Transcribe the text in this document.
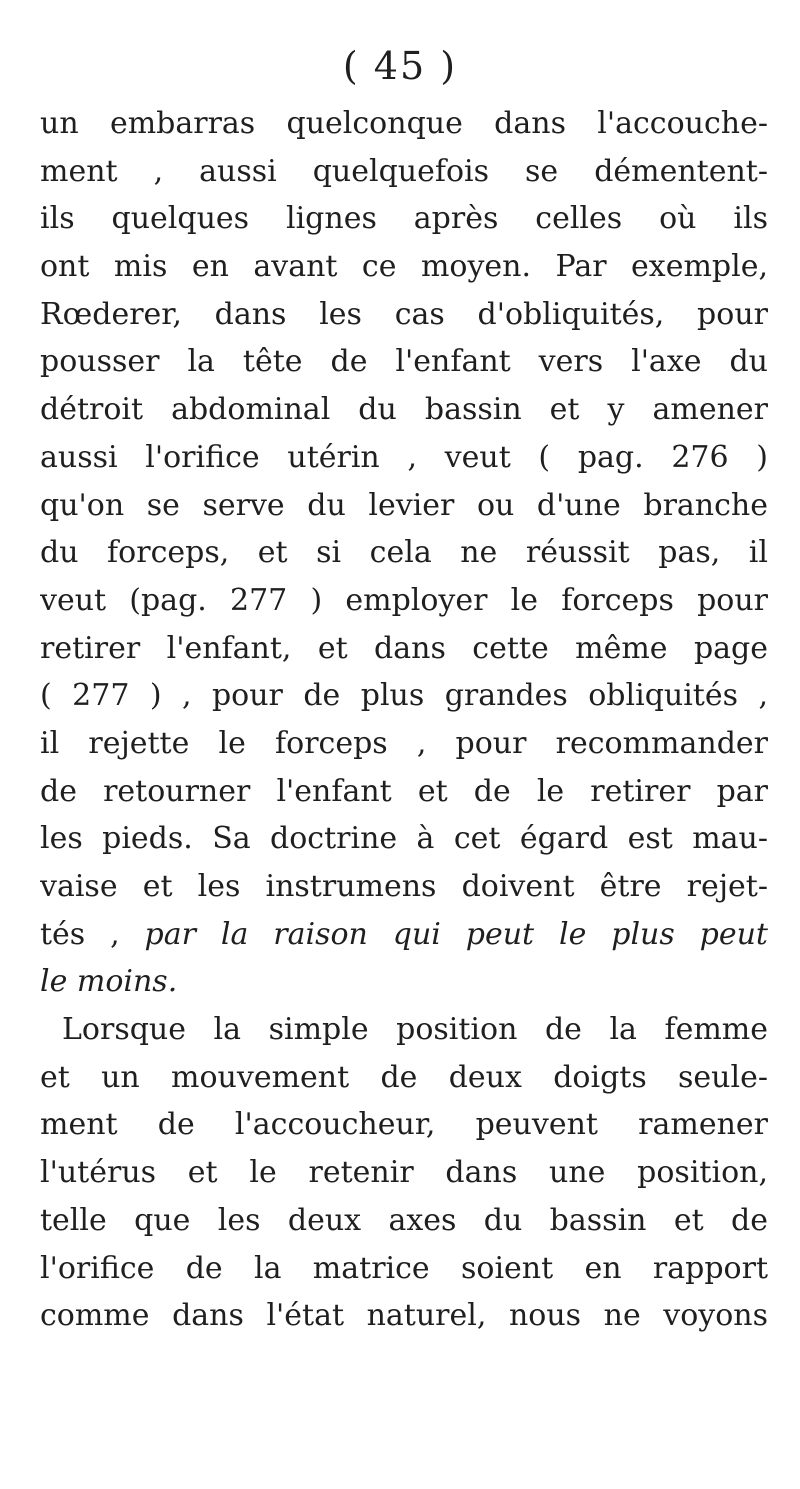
( 45 )
un embarras quelconque dans l'accouche-
ment , aussi quelquefois se démentent-
ils quelques lignes après celles où ils
ont mis en avant ce moyen. Par exemple,
Rœderer, dans les cas d'obliquités, pour
pousser la tête de l'enfant vers l'axe du
détroit abdominal du bassin et y amener
aussi l'orifice utérin , veut ( pag. 276 )
qu'on se serve du levier ou d'une branche
du forceps, et si cela ne réussit pas, il
veut (pag. 277 ) employer le forceps pour
retirer l'enfant, et dans cette même page
( 277 ) , pour de plus grandes obliquités ,
il rejette le forceps , pour recommander
de retourner l'enfant et de le retirer par
les pieds. Sa doctrine à cet égard est mau-
vaise et les instrumens doivent être rejet-
tés , par la raison qui peut le plus peut
le moins.
Lorsque la simple position de la femme
et un mouvement de deux doigts seule-
ment de l'accoucheur, peuvent ramener
l'utérus et le retenir dans une position,
telle que les deux axes du bassin et de
l'orifice de la matrice soient en rapport
comme dans l'état naturel, nous ne voyons
